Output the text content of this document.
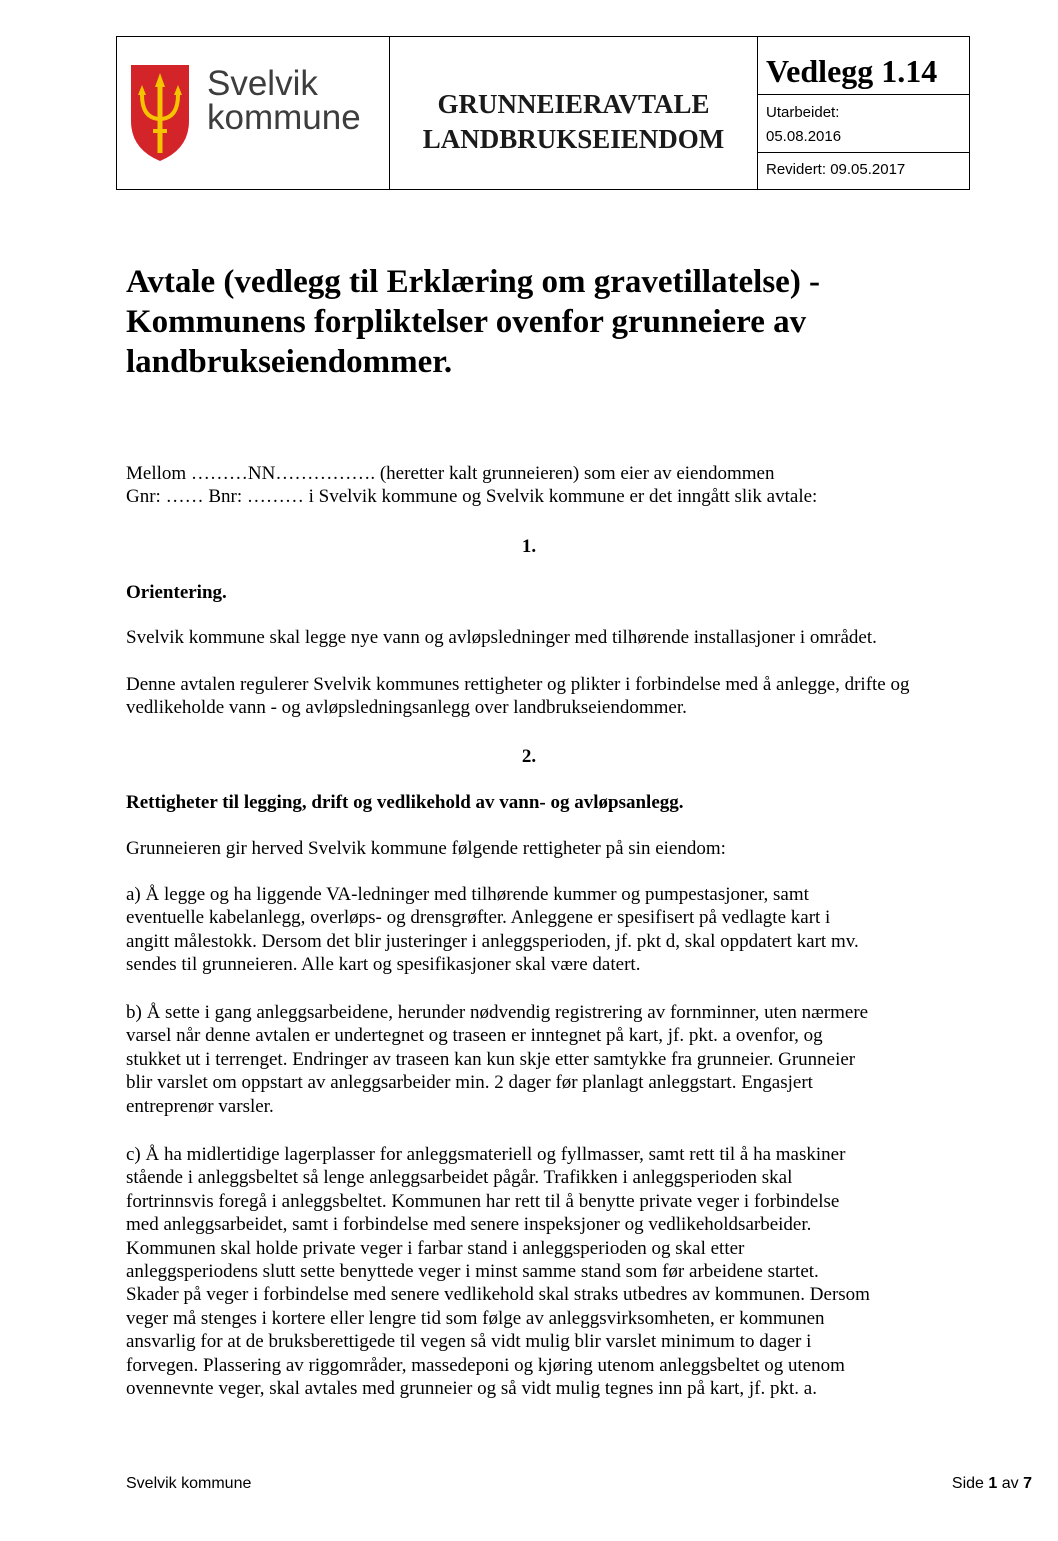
Svelvik
kommune	GRUNNEIERAVTALE
LANDBRUKSEIENDOM
Vedlegg 1.14
Utarbeidet:
05.08.2016
Revidert: 09.05.2017
Avtale (vedlegg til Erklæring om gravetillatelse) -
Kommunens forpliktelser ovenfor grunneiere av
landbrukseiendommer.
Mellom ………NN……………. (heretter kalt grunneieren) som eier av eiendommen
Gnr: …… Bnr: ……… i Svelvik kommune og Svelvik kommune er det inngått slik avtale:
1.
Orientering.
Svelvik kommune skal legge nye vann og avløpsledninger med tilhørende installasjoner i området.
Denne avtalen regulerer Svelvik kommunes rettigheter og plikter i forbindelse med å anlegge, drifte og vedlikeholde vann - og avløpsledningsanlegg over landbrukseiendommer.
2.
Rettigheter til legging, drift og vedlikehold av vann- og avløpsanlegg.
Grunneieren gir herved Svelvik kommune følgende rettigheter på sin eiendom:
a) Å legge og ha liggende VA-ledninger med tilhørende kummer og pumpestasjoner, samt
eventuelle kabelanlegg, overløps- og drensgrøfter. Anleggene er spesifisert på vedlagte kart i
angitt målestokk. Dersom det blir justeringer i anleggsperioden, jf. pkt d, skal oppdatert kart mv.
sendes til grunneieren. Alle kart og spesifikasjoner skal være datert.
b) Å sette i gang anleggsarbeidene, herunder nødvendig registrering av fornminner, uten nærmere
varsel når denne avtalen er undertegnet og traseen er inntegnet på kart, jf. pkt. a ovenfor, og
stukket ut i terrenget. Endringer av traseen kan kun skje etter samtykke fra grunneier. Grunneier
blir varslet om oppstart av anleggsarbeider min. 2 dager før planlagt anleggstart. Engasjert
entreprenør varsler.
c) Å ha midlertidige lagerplasser for anleggsmateriell og fyllmasser, samt rett til å ha maskiner
stående i anleggsbeltet så lenge anleggsarbeidet pågår. Trafikken i anleggsperioden skal
fortrinnsvis foregå i anleggsbeltet. Kommunen har rett til å benytte private veger i forbindelse
med anleggsarbeidet, samt i forbindelse med senere inspeksjoner og vedlikeholdsarbeider.
Kommunen skal holde private veger i farbar stand i anleggsperioden og skal etter
anleggsperiodens slutt sette benyttede veger i minst samme stand som før arbeidene startet.
Skader på veger i forbindelse med senere vedlikehold skal straks utbedres av kommunen. Dersom
veger må stenges i kortere eller lengre tid som følge av anleggsvirksomheten, er kommunen
ansvarlig for at de bruksberettigede til vegen så vidt mulig blir varslet minimum to dager i
forvegen. Plassering av riggområder, massedeponi og kjøring utenom anleggsbeltet og utenom
ovennevnte veger, skal avtales med grunneier og så vidt mulig tegnes inn på kart, jf. pkt. a.
Svelvik kommune	Side 1 av 7
